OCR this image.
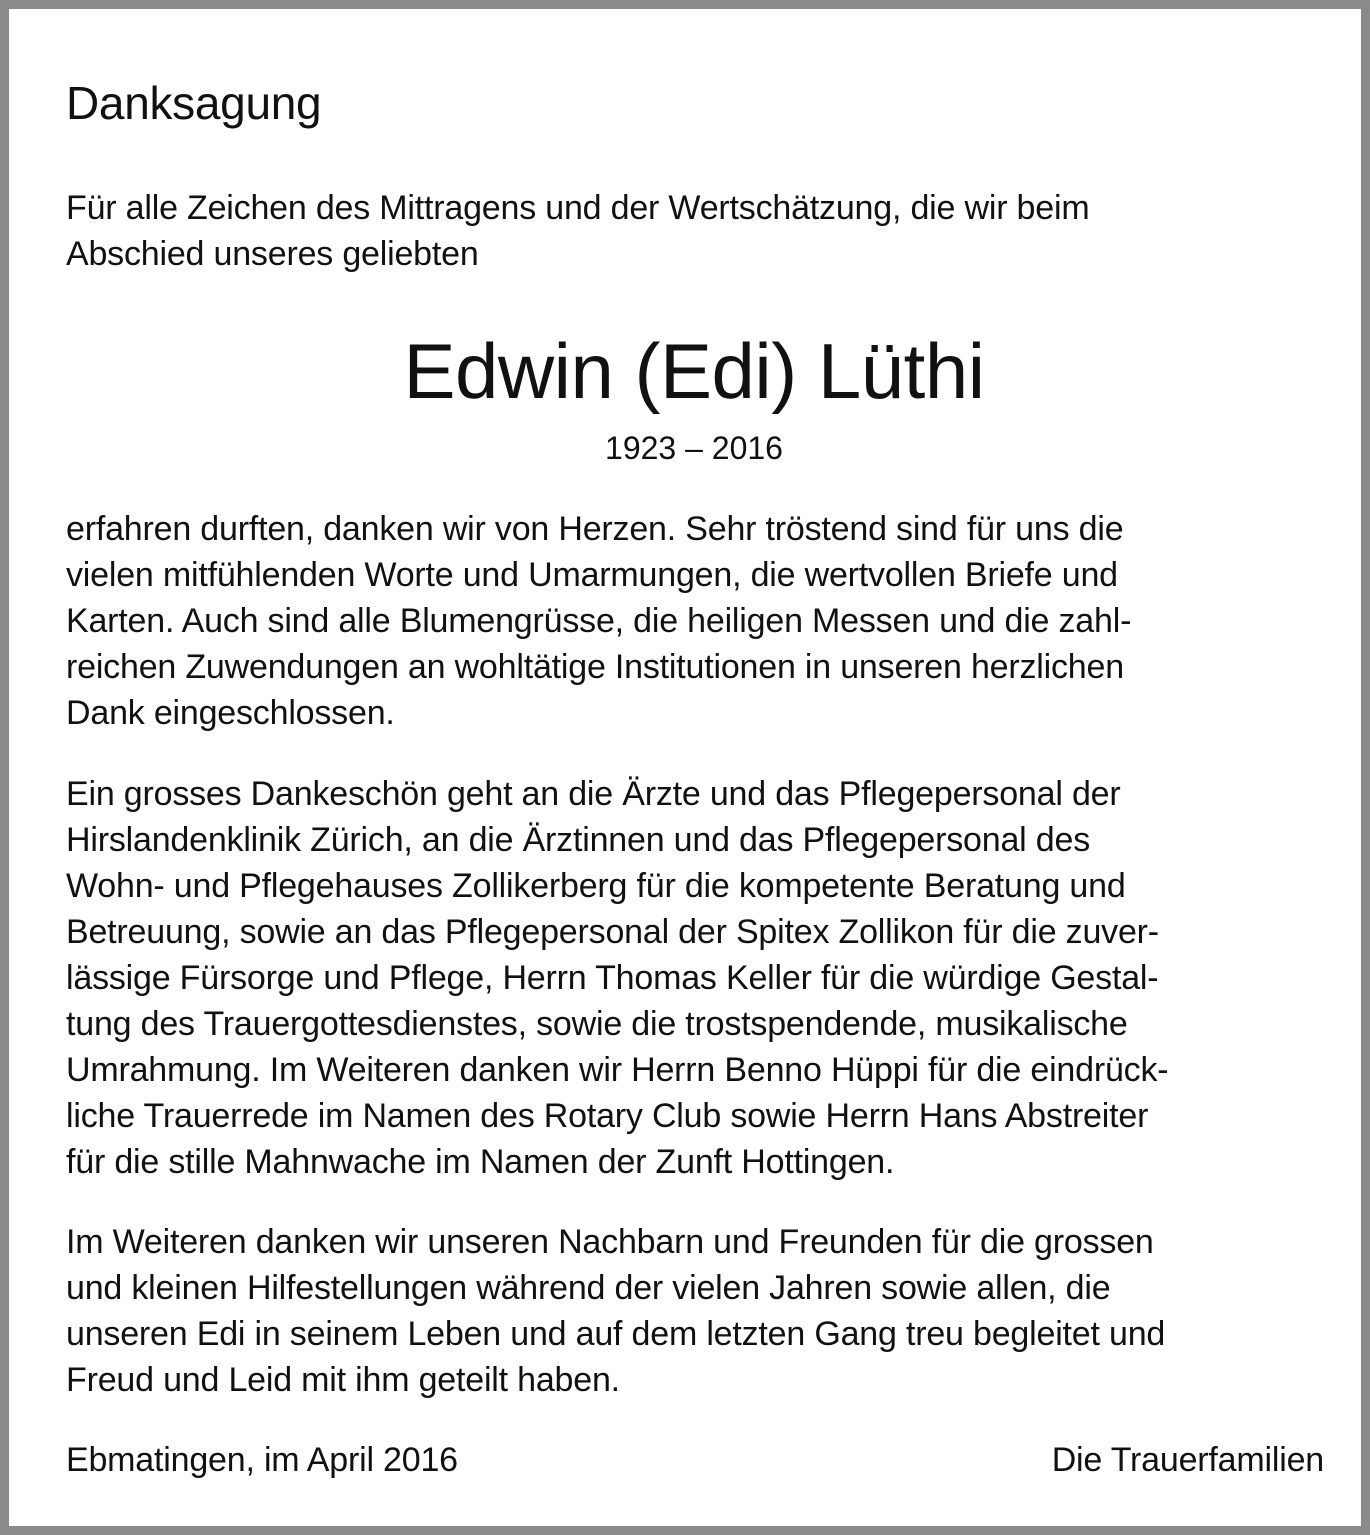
Danksagung

Für alle Zeichen des Mittragens und der Wertschätzung, die wir beim
Abschied unseres geliebten

Edwin (Edi) Lüthi
1923 – 2016

erfahren durften, danken wir von Herzen. Sehr tröstend sind für uns die
vielen mitfühlenden Worte und Umarmungen, die wertvollen Briefe und
Karten. Auch sind alle Blumengrüsse, die heiligen Messen und die zahl-
reichen Zuwendungen an wohltätige Institutionen in unseren herzlichen
Dank eingeschlossen.

Ein grosses Dankeschön geht an die Ärzte und das Pflegepersonal der
Hirslandenklinik Zürich, an die Ärztinnen und das Pflegepersonal des
Wohn- und Pflegehauses Zollikerberg für die kompetente Beratung und
Betreuung, sowie an das Pflegepersonal der Spitex Zollikon für die zuver-
lässige Fürsorge und Pflege, Herrn Thomas Keller für die würdige Gestal-
tung des Trauergottesdienstes, sowie die trostspendende, musikalische
Umrahmung. Im Weiteren danken wir Herrn Benno Hüppi für die eindrück-
liche Trauerrede im Namen des Rotary Club sowie Herrn Hans Abstreiter
für die stille Mahnwache im Namen der Zunft Hottingen.

Im Weiteren danken wir unseren Nachbarn und Freunden für die grossen
und kleinen Hilfestellungen während der vielen Jahren sowie allen, die
unseren Edi in seinem Leben und auf dem letzten Gang treu begleitet und
Freud und Leid mit ihm geteilt haben.

Ebmatingen, im April 2016	Die Trauerfamilien
